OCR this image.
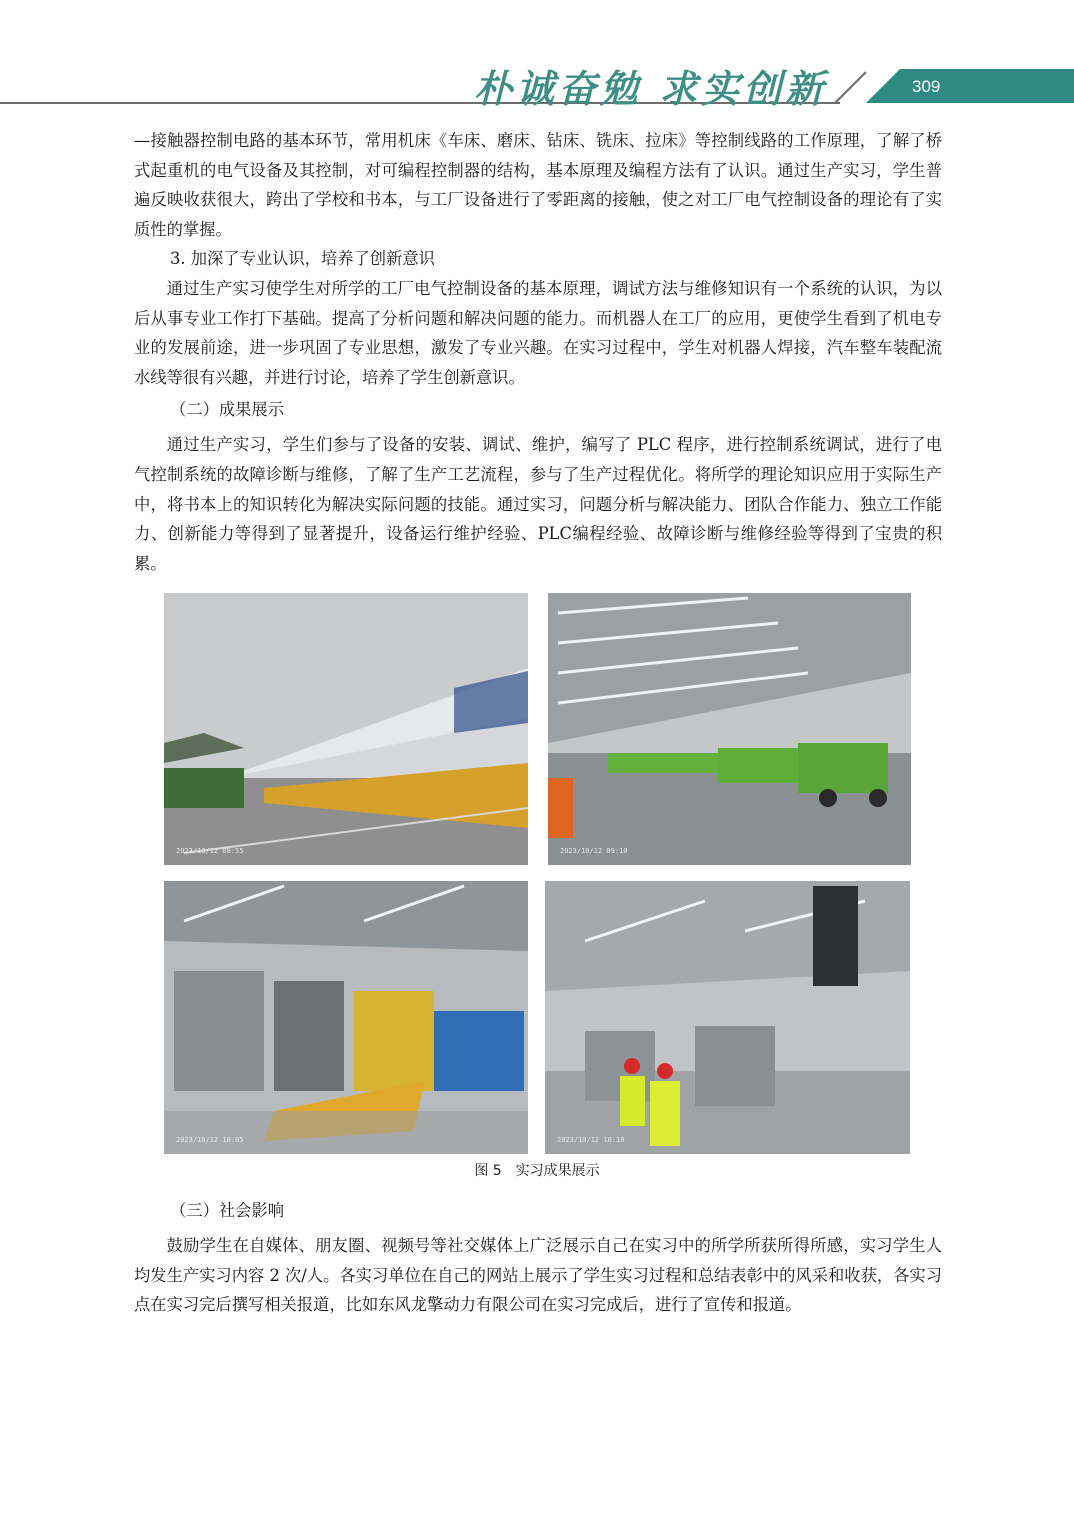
朴诚奋勉 求实创新	309

—接触器控制电路的基本环节，常用机床《车床、磨床、钻床、铣床、拉床》等控制线路的工作原理，了解了桥式起重机的电气设备及其控制，对可编程控制器的结构，基本原理及编程方法有了认识。通过生产实习，学生普遍反映收获很大，跨出了学校和书本，与工厂设备进行了零距离的接触，使之对工厂电气控制设备的理论有了实质性的掌握。

3. 加深了专业认识，培养了创新意识

通过生产实习使学生对所学的工厂电气控制设备的基本原理，调试方法与维修知识有一个系统的认识，为以后从事专业工作打下基础。提高了分析问题和解决问题的能力。而机器人在工厂的应用，更使学生看到了机电专业的发展前途，进一步巩固了专业思想，激发了专业兴趣。在实习过程中，学生对机器人焊接，汽车整车装配流水线等很有兴趣，并进行讨论，培养了学生创新意识。

（二）成果展示

通过生产实习，学生们参与了设备的安装、调试、维护，编写了 PLC 程序，进行控制系统调试，进行了电气控制系统的故障诊断与维修，了解了生产工艺流程，参与了生产过程优化。将所学的理论知识应用于实际生产中，将书本上的知识转化为解决实际问题的技能。通过实习，问题分析与解决能力、团队合作能力、独立工作能力、创新能力等得到了显著提升，设备运行维护经验、PLC编程经验、故障诊断与维修经验等得到了宝贵的积累。

2023/10/12 08:55	2023/10/12 09:10
2023/10/12 10:05	2023/10/12 10:10
图 5　实习成果展示
（三）社会影响

鼓励学生在自媒体、朋友圈、视频号等社交媒体上广泛展示自己在实习中的所学所获所得所感，实习学生人均发生产实习内容 2 次/人。各实习单位在自己的网站上展示了学生实习过程和总结表彰中的风采和收获，各实习点在实习完后撰写相关报道，比如东风龙擎动力有限公司在实习完成后，进行了宣传和报道。
